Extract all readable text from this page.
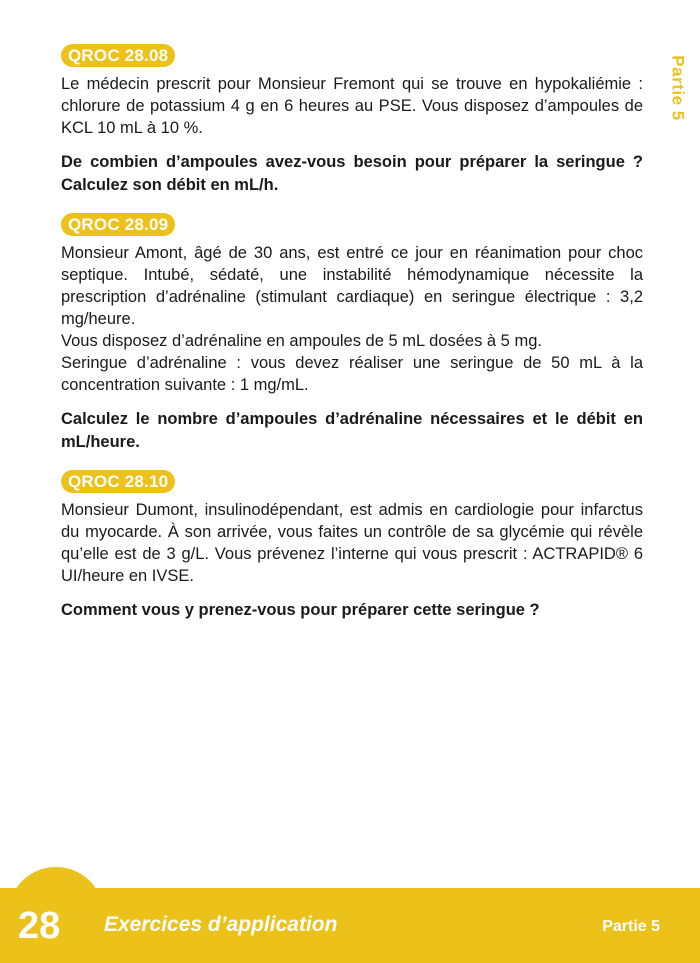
Partie 5
QROC 28.08

Le médecin prescrit pour Monsieur Fremont qui se trouve en hypokaliémie : chlorure de potassium 4 g en 6 heures au PSE. Vous disposez d’ampoules de KCL 10 mL à 10 %.

De combien d’ampoules avez-vous besoin pour préparer la seringue ? Calculez son débit en mL/h.

QROC 28.09

Monsieur Amont, âgé de 30 ans, est entré ce jour en réanimation pour choc septique. Intubé, sédaté, une instabilité hémodynamique nécessite la prescription d’adrénaline (stimulant cardiaque) en seringue électrique : 3,2 mg/heure.

Vous disposez d’adrénaline en ampoules de 5 mL dosées à 5 mg.

Seringue d’adrénaline : vous devez réaliser une seringue de 50 mL à la concentration suivante : 1 mg/mL.

Calculez le nombre d’ampoules d’adrénaline nécessaires et le débit en mL/heure.

QROC 28.10

Monsieur Dumont, insulinodépendant, est admis en cardiologie pour infarctus du myocarde. À son arrivée, vous faites un contrôle de sa glycémie qui révèle qu’elle est de 3 g/L. Vous prévenez l’interne qui vous prescrit : ACTRAPID® 6 UI/heure en IVSE.

Comment vous y prenez-vous pour préparer cette seringue ?

28 Exercices d’application	Partie 5
